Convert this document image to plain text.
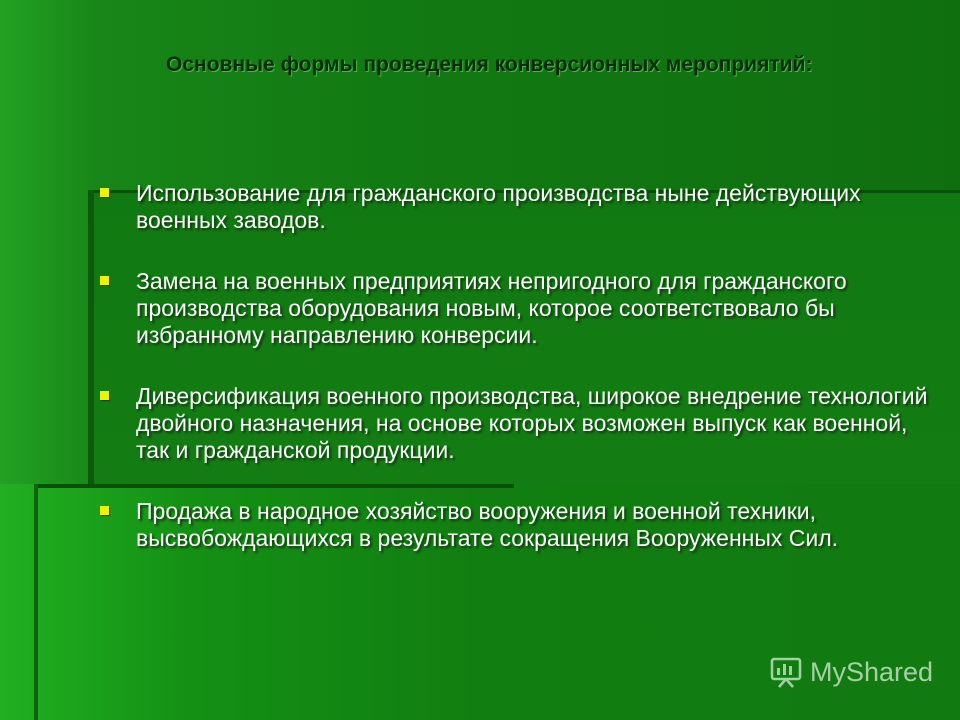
Основные формы проведения конверсионных мероприятий:
Использование для гражданского производства ныне действующих военных заводов.
Замена на военных предприятиях непригодного для гражданского производства оборудования новым, которое соответствовало бы избранному направлению конверсии.
Диверсификация военного производства, широкое внедрение технологий двойного назначения, на основе которых возможен выпуск как военной, так и гражданской продукции.
Продажа в народное хозяйство вооружения и военной техники, высвобождающихся в результате сокращения Вооруженных Сил.
MyShared
